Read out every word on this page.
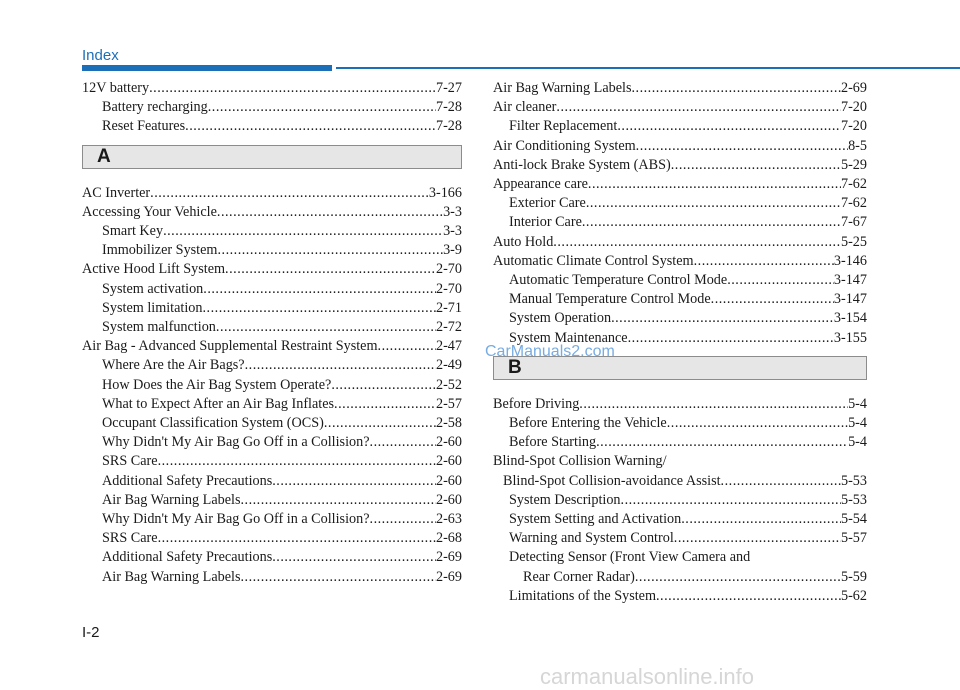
Index
12V battery .....	7-27
Battery recharging .....	7-28
Reset Features .....	7-28
A
AC Inverter .....	3-166
Accessing Your Vehicle .....	3-3
Smart Key .....	3-3
Immobilizer System .....	3-9
Active Hood Lift System .....	2-70
System activation .....	2-70
System limitation .....	2-71
System malfunction .....	2-72
Air Bag - Advanced Supplemental Restraint System .....	2-47
Where Are the Air Bags? .....	2-49
How Does the Air Bag System Operate? .....	2-52
What to Expect After an Air Bag Inflates .....	2-57
Occupant Classification System (OCS) .....	2-58
Why Didn't My Air Bag Go Off in a Collision? .....	2-60
SRS Care .....	2-60
Additional Safety Precautions .....	2-60
Air Bag Warning Labels .....	2-60
Why Didn't My Air Bag Go Off in a Collision? .....	2-63
SRS Care .....	2-68
Additional Safety Precautions .....	2-69
Air Bag Warning Labels .....	2-69
Air Bag Warning Labels .....	2-69
Air cleaner .....	7-20
Filter Replacement .....	7-20
Air Conditioning System .....	8-5
Anti-lock Brake System (ABS) .....	5-29
Appearance care .....	7-62
Exterior Care .....	7-62
Interior Care .....	7-67
Auto Hold .....	5-25
Automatic Climate Control System .....	3-146
Automatic Temperature Control Mode .....	3-147
Manual Temperature Control Mode .....	3-147
System Operation .....	3-154
System Maintenance .....	3-155
B
Before Driving .....	5-4
Before Entering the Vehicle .....	5-4
Before Starting .....	5-4
Blind-Spot Collision Warning/
Blind-Spot Collision-avoidance Assist .....	5-53
System Description .....	5-53
System Setting and Activation .....	5-54
Warning and System Control .....	5-57
Detecting Sensor (Front View Camera and
Rear Corner Radar) .....	5-59
Limitations of the System .....	5-62
CarManuals2.com
I-2
carmanualsonline.info
